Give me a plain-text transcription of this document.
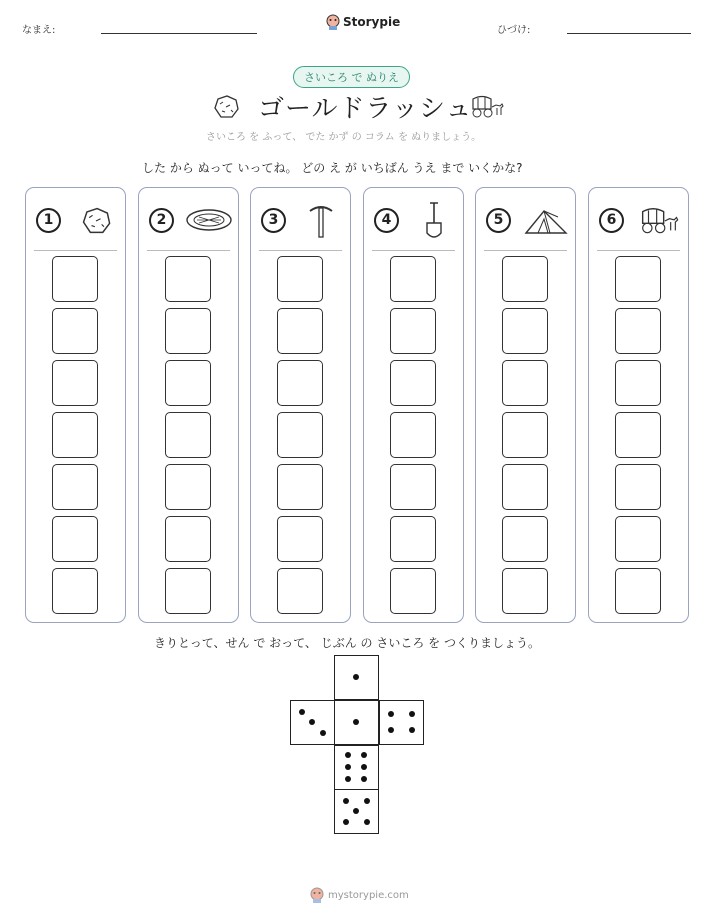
なまえ:
Storypie
ひづけ:
さいころ で ぬりえ
ゴールドラッシュ
さいころ を ふって、 でた かず の コラム を ぬりましょう。
した から ぬって いってね。 どの え が いちばん うえ まで いくかな?
1	2	3	4	5	6
きりとって、せん で おって、 じぶん の さいころ を つくりましょう。
mystorypie.com
